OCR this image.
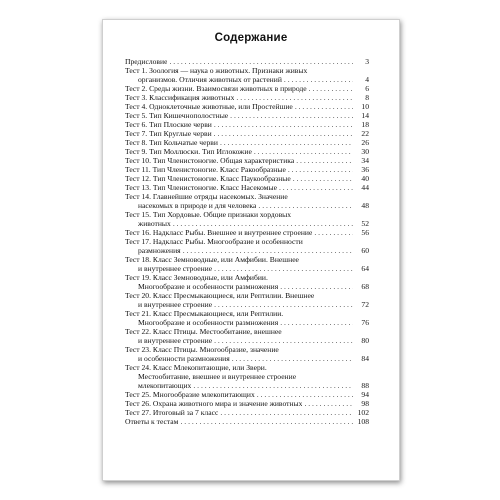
Содержание
Предисловие . . .	3
Тест 1. Зоология — наука о животных. Признаки живых
организмов. Отличия животных от растений . . .	4
Тест 2. Среды жизни. Взаимосвязи животных в природе . . .	6
Тест 3. Классификация животных . . .	8
Тест 4. Одноклеточные животные, или Простейшие . . .	10
Тест 5. Тип Кишечнополостные . . .	14
Тест 6. Тип Плоские черви . . .	18
Тест 7. Тип Круглые черви . . .	22
Тест 8. Тип Кольчатые черви . . .	26
Тест 9. Тип Моллюски. Тип Иглокожие . . .	30
Тест 10. Тип Членистоногие. Общая характеристика . . .	34
Тест 11. Тип Членистоногие. Класс Ракообразные . . .	36
Тест 12. Тип Членистоногие. Класс Паукообразные . . .	40
Тест 13. Тип Членистоногие. Класс Насекомые . . .	44
Тест 14. Главнейшие отряды насекомых. Значение
насекомых в природе и для человека . . .	48
Тест 15. Тип Хордовые. Общие признаки хордовых
животных . . .	52
Тест 16. Надкласс Рыбы. Внешнее и внутреннее строение . . .	56
Тест 17. Надкласс Рыбы. Многообразие и особенности
размножения . . .	60
Тест 18. Класс Земноводные, или Амфибии. Внешнее
и внутреннее строение . . .	64
Тест 19. Класс Земноводные, или Амфибии.
Многообразие и особенности размножения . . .	68
Тест 20. Класс Пресмыкающиеся, или Рептилии. Внешнее
и внутреннее строение . . .	72
Тест 21. Класс Пресмыкающиеся, или Рептилии.
Многообразие и особенности размножения . . .	76
Тест 22. Класс Птицы. Местообитание, внешнее
и внутреннее строение . . .	80
Тест 23. Класс Птицы. Многообразие, значение
и особенности размножения . . .	84
Тест 24. Класс Млекопитающие, или Звери.
Местообитание, внешнее и внутреннее строение
млекопитающих . . .	88
Тест 25. Многообразие млекопитающих . . .	94
Тест 26. Охрана животного мира и значение животных . . .	98
Тест 27. Итоговый за 7 класс . . .	102
Ответы к тестам . . .	108
